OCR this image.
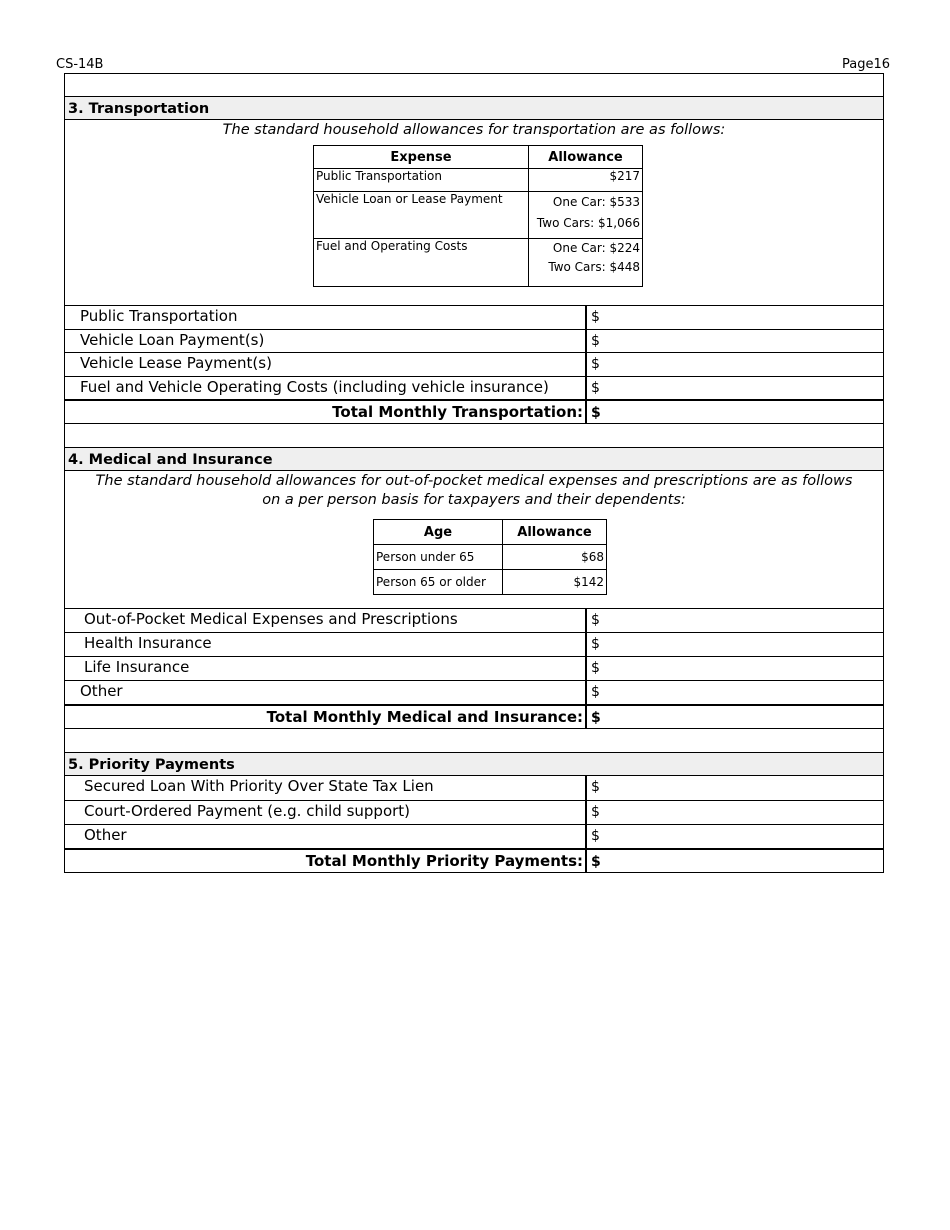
CS-14B	Page16
3. Transportation
The standard household allowances for transportation are as follows:
Expense	Allowance
Public Transportation	$217
Vehicle Loan or Lease Payment	One Car: $533
Two Cars: $1,066

Fuel and Operating Costs	One Car: $224
Two Cars: $448
Public Transportation	$
Vehicle Loan Payment(s)	$
Vehicle Lease Payment(s)	$
Fuel and Vehicle Operating Costs (including vehicle insurance)	$
Total Monthly Transportation: $
4. Medical and Insurance
The standard household allowances for out-of-pocket medical expenses and prescriptions are as follows
on a per person basis for taxpayers and their dependents:
Age	Allowance
Person under 65	$68
Person 65 or older	$142
Out-of-Pocket Medical Expenses and Prescriptions	$
Health Insurance	$
Life Insurance	$
Other	$
Total Monthly Medical and Insurance: $
5. Priority Payments
Secured Loan With Priority Over State Tax Lien	$
Court-Ordered Payment (e.g. child support)	$
Other	$
Total Monthly Priority Payments: $
